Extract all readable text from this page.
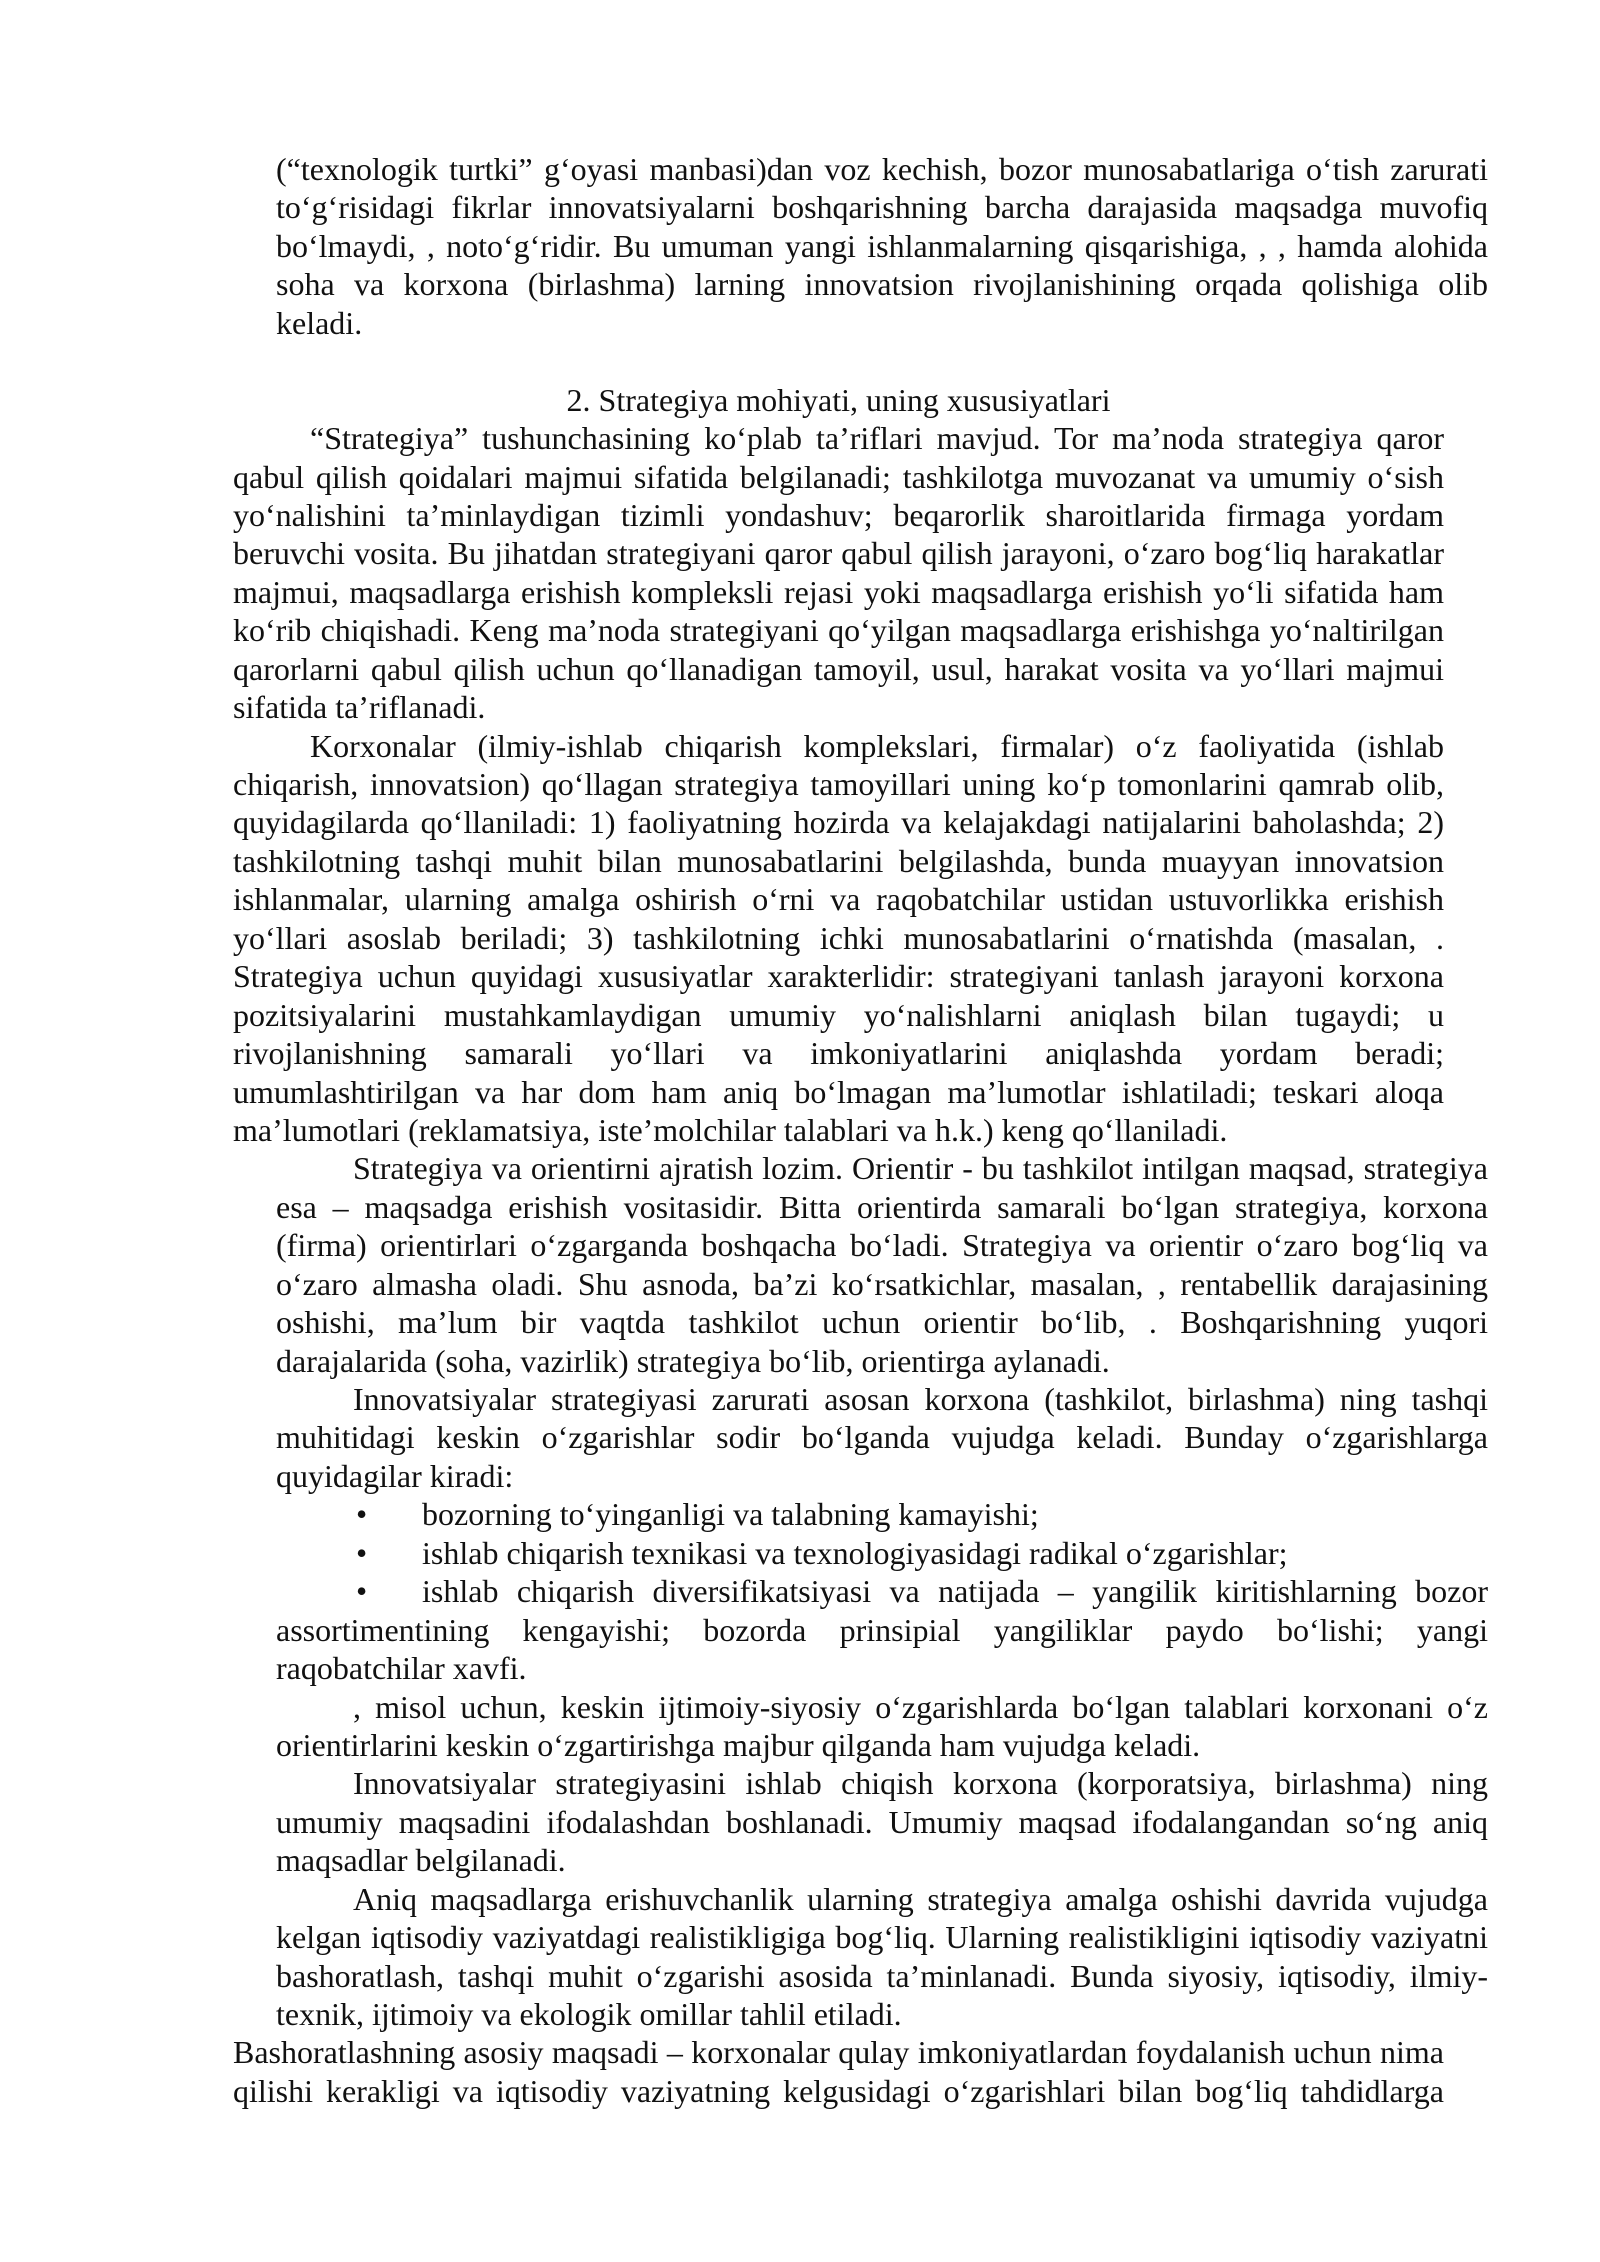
(“texnologik turtki” g‘oyasi manbasi)dan voz kechish, bozor munosabatlariga o‘tish zarurati
to‘g‘risidagi fikrlar innovatsiyalarni boshqarishning barcha darajasida maqsadga muvofiq
bo‘lmaydi, , noto‘g‘ridir. Bu umuman yangi ishlanmalarning qisqarishiga, , , hamda alohida
soha va korxona (birlashma) larning innovatsion rivojlanishining orqada qolishiga olib
keladi.
2. Strategiya mohiyati, uning xususiyatlari
“Strategiya” tushunchasining ko‘plab ta’riflari mavjud. Tor ma’noda strategiya qaror
qabul qilish qoidalari majmui sifatida belgilanadi; tashkilotga muvozanat va umumiy o‘sish
yo‘nalishini ta’minlaydigan tizimli yondashuv; beqarorlik sharoitlarida firmaga yordam
beruvchi vosita. Bu jihatdan strategiyani qaror qabul qilish jarayoni, o‘zaro bog‘liq harakatlar
majmui, maqsadlarga erishish kompleksli rejasi yoki maqsadlarga erishish yo‘li sifatida ham
ko‘rib chiqishadi. Keng ma’noda strategiyani qo‘yilgan maqsadlarga erishishga yo‘naltirilgan
qarorlarni qabul qilish uchun qo‘llanadigan tamoyil, usul, harakat vosita va yo‘llari majmui
sifatida ta’riflanadi.
Korxonalar (ilmiy-ishlab chiqarish komplekslari, firmalar) o‘z faoliyatida (ishlab
chiqarish, innovatsion) qo‘llagan strategiya tamoyillari uning ko‘p tomonlarini qamrab olib,
quyidagilarda qo‘llaniladi: 1) faoliyatning hozirda va kelajakdagi natijalarini baholashda; 2)
tashkilotning tashqi muhit bilan munosabatlarini belgilashda, bunda muayyan innovatsion
ishlanmalar, ularning amalga oshirish o‘rni va raqobatchilar ustidan ustuvorlikka erishish
yo‘llari asoslab beriladi; 3) tashkilotning ichki munosabatlarini o‘rnatishda (masalan, .
Strategiya uchun quyidagi xususiyatlar xarakterlidir: strategiyani tanlash jarayoni korxona
pozitsiyalarini mustahkamlaydigan umumiy yo‘nalishlarni aniqlash bilan tugaydi; u
rivojlanishning samarali yo‘llari va imkoniyatlarini aniqlashda yordam beradi;
umumlashtirilgan va har dom ham aniq bo‘lmagan ma’lumotlar ishlatiladi; teskari aloqa
ma’lumotlari (reklamatsiya, iste’molchilar talablari va h.k.) keng qo‘llaniladi.
Strategiya va orientirni ajratish lozim. Orientir - bu tashkilot intilgan maqsad, strategiya
esa – maqsadga erishish vositasidir. Bitta orientirda samarali bo‘lgan strategiya, korxona
(firma) orientirlari o‘zgarganda boshqacha bo‘ladi. Strategiya va orientir o‘zaro bog‘liq va
o‘zaro almasha oladi. Shu asnoda, ba’zi ko‘rsatkichlar, masalan, , rentabellik darajasining
oshishi, ma’lum bir vaqtda tashkilot uchun orientir bo‘lib, . Boshqarishning yuqori
darajalarida (soha, vazirlik) strategiya bo‘lib, orientirga aylanadi.
Innovatsiyalar strategiyasi zarurati asosan korxona (tashkilot, birlashma) ning tashqi
muhitidagi keskin o‘zgarishlar sodir bo‘lganda vujudga keladi. Bunday o‘zgarishlarga
quyidagilar kiradi:
• bozorning to‘yinganligi va talabning kamayishi;
• ishlab chiqarish texnikasi va texnologiyasidagi radikal o‘zgarishlar;
• ishlab chiqarish diversifikatsiyasi va natijada – yangilik kiritishlarning bozor
assortimentining kengayishi; bozorda prinsipial yangiliklar paydo bo‘lishi; yangi
raqobatchilar xavfi.
, misol uchun, keskin ijtimoiy-siyosiy o‘zgarishlarda bo‘lgan talablari korxonani o‘z
orientirlarini keskin o‘zgartirishga majbur qilganda ham vujudga keladi.
Innovatsiyalar strategiyasini ishlab chiqish korxona (korporatsiya, birlashma) ning
umumiy maqsadini ifodalashdan boshlanadi. Umumiy maqsad ifodalangandan so‘ng aniq
maqsadlar belgilanadi.
Aniq maqsadlarga erishuvchanlik ularning strategiya amalga oshishi davrida vujudga
kelgan iqtisodiy vaziyatdagi realistikligiga bog‘liq. Ularning realistikligini iqtisodiy vaziyatni
bashoratlash, tashqi muhit o‘zgarishi asosida ta’minlanadi. Bunda siyosiy, iqtisodiy, ilmiy-
texnik, ijtimoiy va ekologik omillar tahlil etiladi.
Bashoratlashning asosiy maqsadi – korxonalar qulay imkoniyatlardan foydalanish uchun nima
qilishi kerakligi va iqtisodiy vaziyatning kelgusidagi o‘zgarishlari bilan bog‘liq tahdidlarga
